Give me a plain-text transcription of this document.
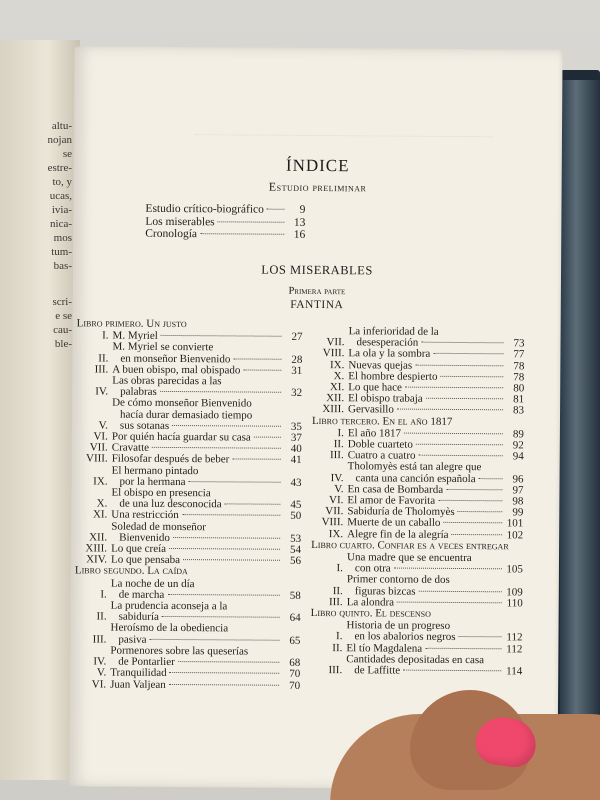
altu-
nojan
se
estre-
to, y
ucas,
ivia-
nica-
mos
tum-
bas-
scri-
e se
cau-
ble-
ÍNDICE
Estudio preliminar
Estudio crítico-biográfico	9
Los miserables	13
Cronología	16
LOS MISERABLES
Primera parte
FANTINA
Libro primero. Un justo
I. M. Myriel	27
II.
M. Myriel se convierte
en monseñor Bienvenido	28
III. A buen obispo, mal obispado	31
IV.
Las obras parecidas a las
palabras	32
V.
De cómo monseñor Bienvenido
hacía durar demasiado tiempo
sus sotanas	35
VI. Por quién hacía guardar su casa	37
VII. Cravatte	40
VIII. Filosofar después de beber	41
IX.
El hermano pintado
por la hermana	43
X.
El obispo en presencia
de una luz desconocida	45
XI. Una restricción	50
XII.
Soledad de monseñor
Bienvenido	53
XIII. Lo que creía	54
XIV. Lo que pensaba	56
Libro segundo. La caída
I.
La noche de un día
de marcha	58
II.
La prudencia aconseja a la
sabiduría	64
III.
Heroísmo de la obediencia
pasiva	65
IV.
Pormenores sobre las queserías
de Pontarlier	68
V. Tranquilidad	70
VI. Juan Valjean	70
VII.
La inferioridad de la
desesperación	73
VIII. La ola y la sombra	77
IX. Nuevas quejas	78
X. El hombre despierto	78
XI. Lo que hace	80
XII. El obispo trabaja	81
XIII. Gervasillo	83
Libro tercero. En el año 1817
I. El año 1817	89
II. Doble cuarteto	92
III. Cuatro a cuatro	94
IV.
Tholomyès está tan alegre que
canta una canción española	96
V. En casa de Bombarda	97
VI. El amor de Favorita	98
VII. Sabiduría de Tholomyès	99
VIII. Muerte de un caballo	101
IX. Alegre fin de la alegría	102
Libro cuarto. Confiar es a veces entregar
I.
Una madre que se encuentra
con otra	105
II.
Primer contorno de dos
figuras bizcas	109
III. La alondra	110
Libro quinto. El descenso
I.
Historia de un progreso
en los abalorios negros	112
II. El tío Magdalena	112
III.
Cantidades depositadas en casa
de Laffitte	114
